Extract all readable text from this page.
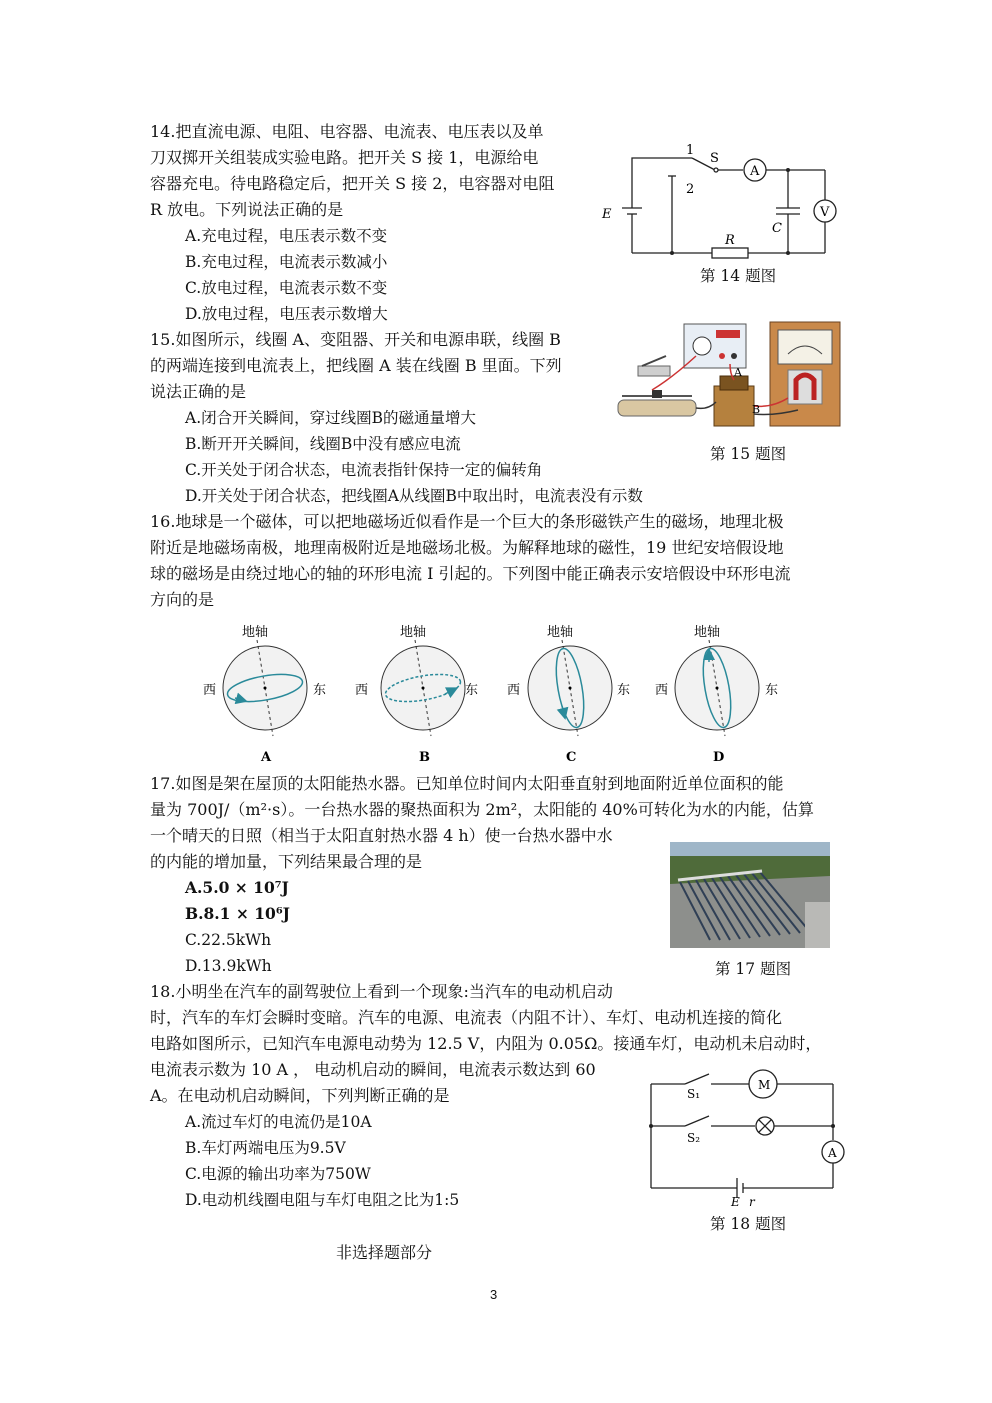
14.把直流电源、电阻、电容器、电流表、电压表以及单
刀双掷开关组装成实验电路。把开关 S 接 1，电源给电
容器充电。待电路稳定后，把开关 S 接 2，电容器对电阻
R 放电。下列说法正确的是
A.充电过程，电压表示数不变
B.充电过程，电流表示数减小
C.放电过程，电流表示数不变
D.放电过程，电压表示数增大
1
2
S
A
V
E
C
R
第 14 题图
15.如图所示，线圈 A、变阻器、开关和电源串联，线圈 B
的两端连接到电流表上，把线圈 A 装在线圈 B 里面。下列
说法正确的是
A.闭合开关瞬间，穿过线圈B的磁通量增大
B.断开开关瞬间，线圈B中没有感应电流
C.开关处于闭合状态，电流表指针保持一定的偏转角
D.开关处于闭合状态，把线圈A从线圈B中取出时，电流表没有示数
A
B
第 15 题图
16.地球是一个磁体，可以把地磁场近似看作是一个巨大的条形磁铁产生的磁场，地理北极
附近是地磁场南极，地理南极附近是地磁场北极。为解释地球的磁性，19 世纪安培假设地
球的磁场是由绕过地心的轴的环形电流 I 引起的。下列图中能正确表示安培假设中环形电流
方向的是
地轴
西	东
A
地轴
西	东
B
地轴
西	东
C
地轴
西	东
D
17.如图是架在屋顶的太阳能热水器。已知单位时间内太阳垂直射到地面附近单位面积的能
量为 700J/（m²·s）。一台热水器的聚热面积为 2m²，太阳能的 40%可转化为水的内能，估算
一个晴天的日照（相当于太阳直射热水器 4 h）使一台热水器中水
的内能的增加量，下列结果最合理的是
A.5.0 × 10⁷J
B.8.1 × 10⁶J
C.22.5kWh
D.13.9kWh	第 17 题图
18.小明坐在汽车的副驾驶位上看到一个现象:当汽车的电动机启动
时，汽车的车灯会瞬时变暗。汽车的电源、电流表（内阻不计）、车灯、电动机连接的简化
电路如图所示，已知汽车电源电动势为 12.5 V，内阻为 0.05Ω。接通车灯，电动机未启动时，
电流表示数为 10 A ， 电动机启动的瞬间，电流表示数达到 60
A。在电动机启动瞬间，下列判断正确的是
A.流过车灯的电流仍是10A
B.车灯两端电压为9.5V
C.电源的输出功率为750W
D.电动机线圈电阻与车灯电阻之比为1:5
M
S₁
S₂
A
E r
第 18 题图
非选择题部分
3
